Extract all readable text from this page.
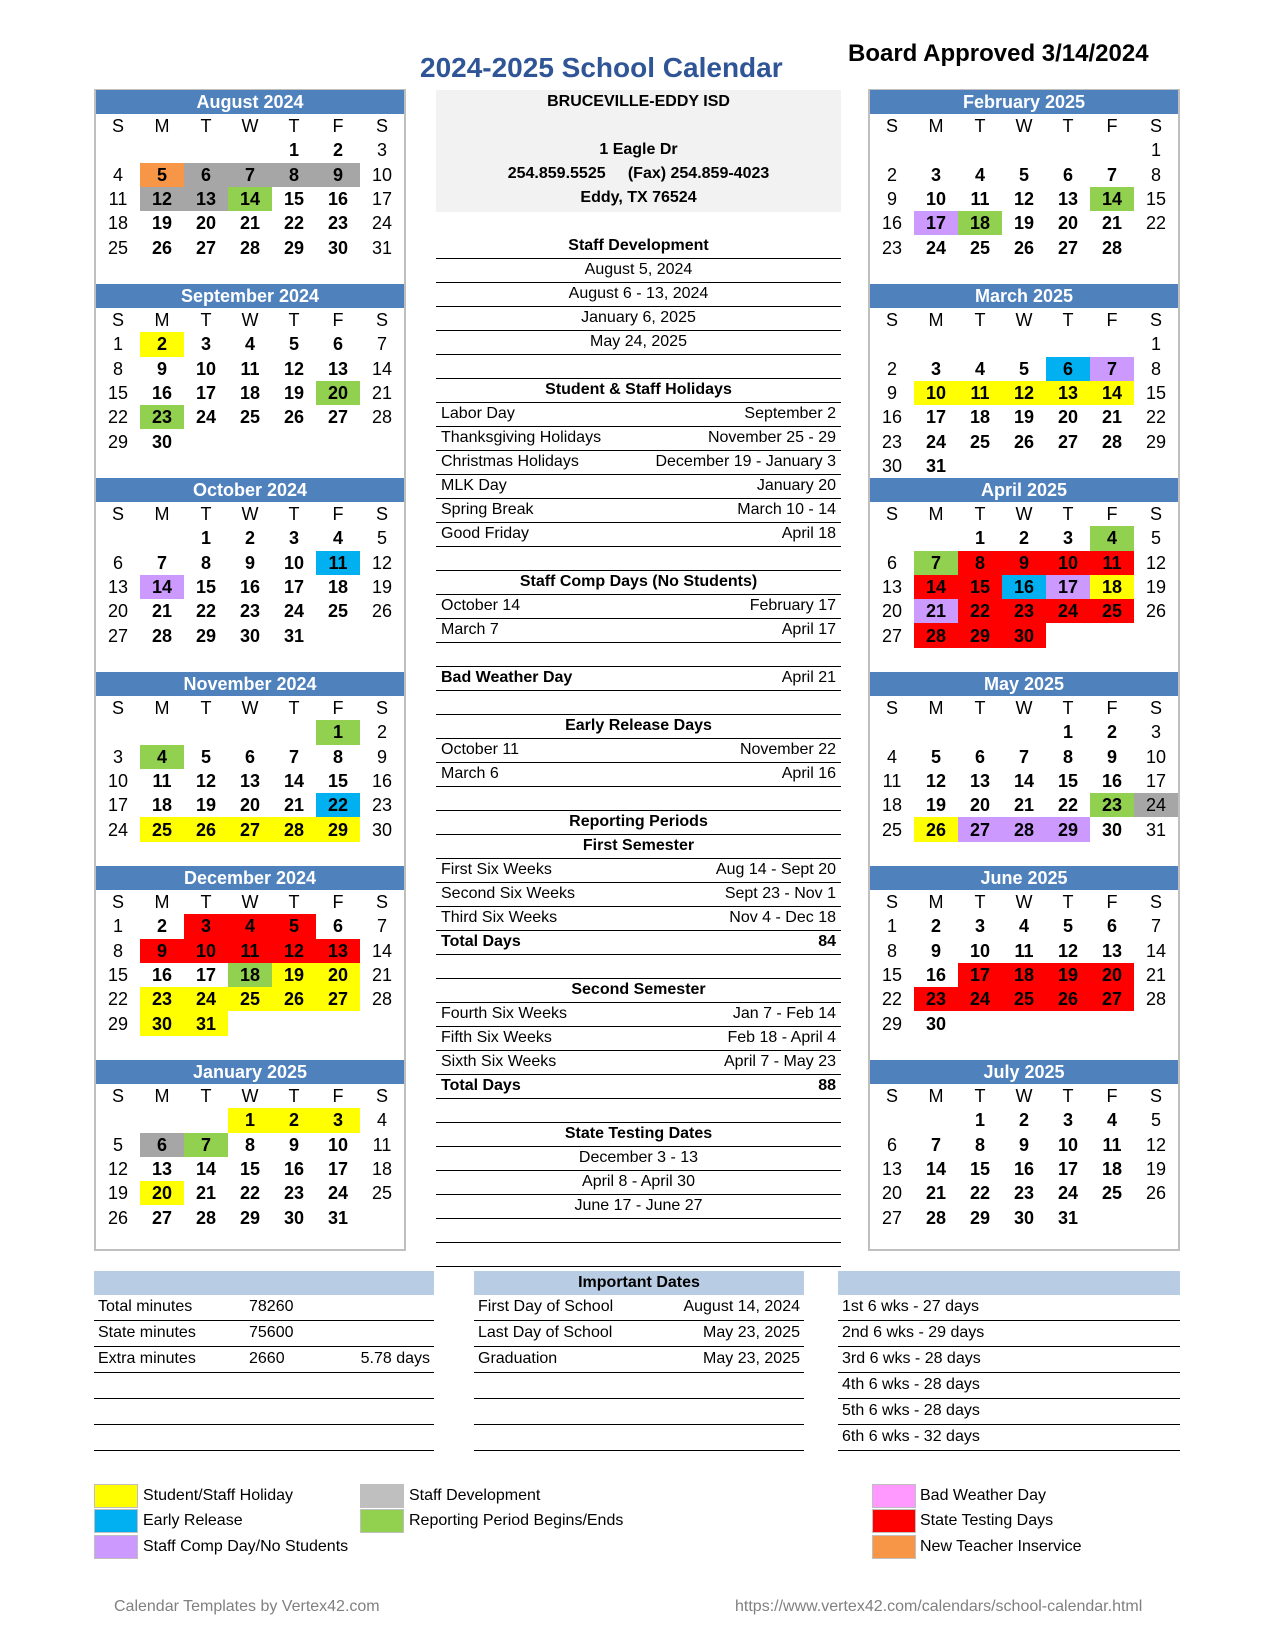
2024-2025 School Calendar	Board Approved 3/14/2024
August 2024
S	M	T	W	T	F	S
				1	2	3
4	5	6	7	8	9	10
11	12	13	14	15	16	17
18	19	20	21	22	23	24
25	26	27	28	29	30	31

September 2024
S	M	T	W	T	F	S
1	2	3	4	5	6	7
8	9	10	11	12	13	14
15	16	17	18	19	20	21
22	23	24	25	26	27	28
29	30					

October 2024
S	M	T	W	T	F	S
		1	2	3	4	5
6	7	8	9	10	11	12
13	14	15	16	17	18	19
20	21	22	23	24	25	26
27	28	29	30	31		

November 2024
S	M	T	W	T	F	S
					1	2
3	4	5	6	7	8	9
10	11	12	13	14	15	16
17	18	19	20	21	22	23
24	25	26	27	28	29	30

December 2024
S	M	T	W	T	F	S
1	2	3	4	5	6	7
8	9	10	11	12	13	14
15	16	17	18	19	20	21
22	23	24	25	26	27	28
29	30	31				

January 2025
S	M	T	W	T	F	S
			1	2	3	4
5	6	7	8	9	10	11
12	13	14	15	16	17	18
19	20	21	22	23	24	25
26	27	28	29	30	31	

February 2025
S	M	T	W	T	F	S
						1
2	3	4	5	6	7	8
9	10	11	12	13	14	15
16	17	18	19	20	21	22
23	24	25	26	27	28	

March 2025
S	M	T	W	T	F	S
						1
2	3	4	5	6	7	8
9	10	11	12	13	14	15
16	17	18	19	20	21	22
23	24	25	26	27	28	29
30	31					
April 2025
S	M	T	W	T	F	S
		1	2	3	4	5
6	7	8	9	10	11	12
13	14	15	16	17	18	19
20	21	22	23	24	25	26
27	28	29	30			

May 2025
S	M	T	W	T	F	S
				1	2	3
4	5	6	7	8	9	10
11	12	13	14	15	16	17
18	19	20	21	22	23	24
25	26	27	28	29	30	31

June 2025
S	M	T	W	T	F	S
1	2	3	4	5	6	7
8	9	10	11	12	13	14
15	16	17	18	19	20	21
22	23	24	25	26	27	28
29	30					

July 2025
S	M	T	W	T	F	S
		1	2	3	4	5
6	7	8	9	10	11	12
13	14	15	16	17	18	19
20	21	22	23	24	25	26
27	28	29	30	31		

BRUCEVILLE-EDDY ISD
1 Eagle Dr
254.859.5525     (Fax) 254.859-4023
Eddy, TX 76524
Staff Development
August 5, 2024
August 6 - 13, 2024
January 6, 2025
May 24, 2025
Student & Staff Holidays
Labor Day	September 2
Thanksgiving Holidays	November 25 - 29
Christmas Holidays	December 19 - January 3
MLK Day	January 20
Spring Break	March 10 - 14
Good Friday	April 18
Staff Comp Days (No Students)
October 14	February 17
March 7	April 17
Bad Weather Day	April 21
Early Release Days
October 11	November 22
March 6	April 16
Reporting Periods
First Semester
First Six Weeks	Aug 14 - Sept 20
Second Six Weeks	Sept 23 - Nov 1
Third Six Weeks	Nov 4 - Dec 18
Total Days	84
Second Semester
Fourth Six Weeks	Jan 7 - Feb 14
Fifth Six Weeks	Feb 18 - April 4
Sixth Six Weeks	April 7 - May 23
Total Days	88
State Testing Dates
December 3 - 13
April 8 - April 30
June 17 - June 27
Total minutes	78260
State minutes	75600
Extra minutes	2660	5.78 days
Important Dates
First Day of School	August 14, 2024
Last Day of School	May 23, 2025
Graduation	May 23, 2025
1st 6 wks - 27 days
2nd 6 wks - 29 days
3rd 6 wks - 28 days
4th 6 wks - 28 days
5th 6 wks - 28 days
6th 6 wks - 32 days
Student/Staff Holiday
Early Release
Staff Comp Day/No Students
Staff Development
Reporting Period Begins/Ends
Bad Weather Day
State Testing Days
New Teacher Inservice
Calendar Templates by Vertex42.com	https://www.vertex42.com/calendars/school-calendar.html
